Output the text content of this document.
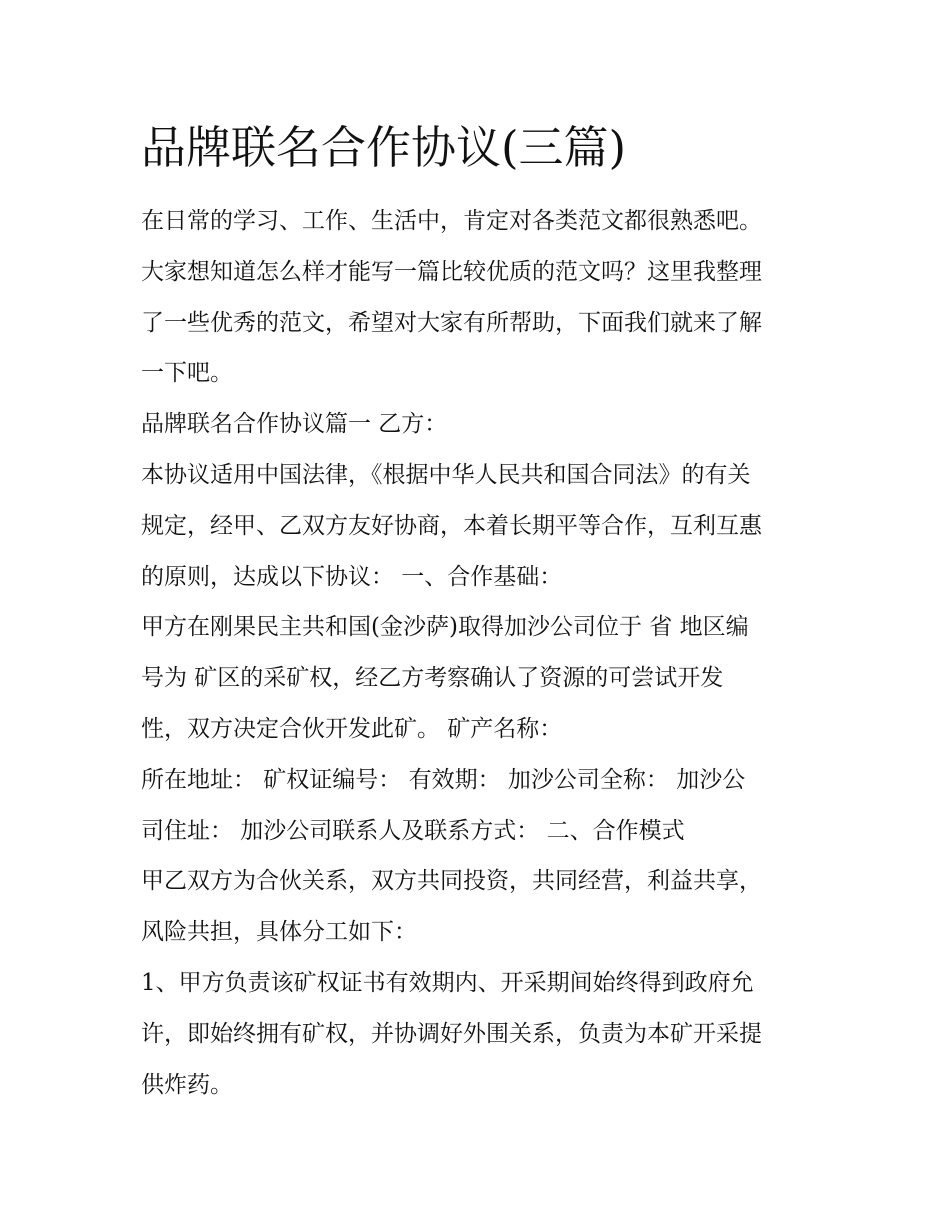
品牌联名合作协议(三篇)

在日常的学习、工作、生活中，肯定对各类范文都很熟悉吧。

大家想知道怎么样才能写一篇比较优质的范文吗？这里我整理

了一些优秀的范文，希望对大家有所帮助，下面我们就来了解

一下吧。

品牌联名合作协议篇一 乙方：

本协议适用中国法律，《根据中华人民共和国合同法》的有关

规定，经甲、乙双方友好协商，本着长期平等合作，互利互惠

的原则，达成以下协议： 一、合作基础：

甲方在刚果民主共和国(金沙萨)取得加沙公司位于 省 地区编

号为 矿区的采矿权，经乙方考察确认了资源的可尝试开发

性，双方决定合伙开发此矿。 矿产名称：

所在地址： 矿权证编号： 有效期： 加沙公司全称： 加沙公

司住址： 加沙公司联系人及联系方式： 二、合作模式

甲乙双方为合伙关系，双方共同投资，共同经营，利益共享，

风险共担，具体分工如下：

1、甲方负责该矿权证书有效期内、开采期间始终得到政府允

许，即始终拥有矿权，并协调好外围关系，负责为本矿开采提

供炸药。
